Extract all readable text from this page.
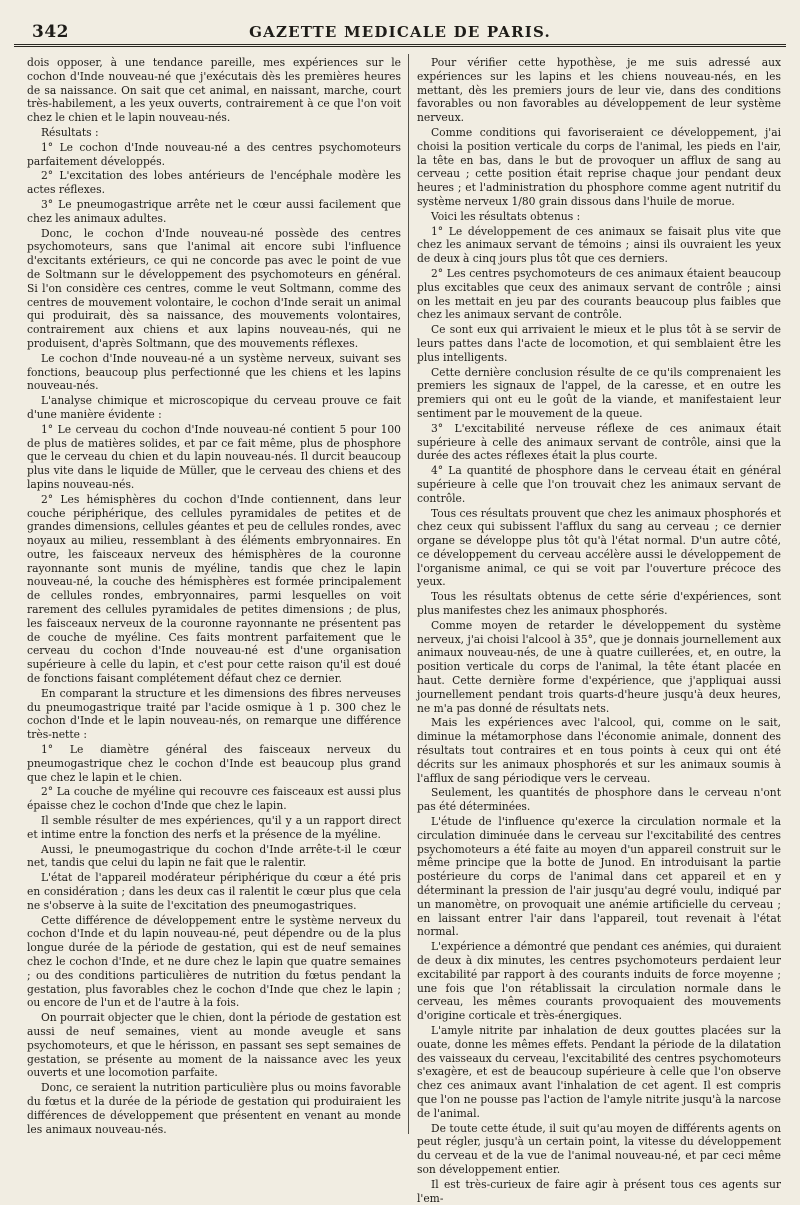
342	GAZETTE MEDICALE DE PARIS.

dois opposer, à une tendance pareille, mes expériences sur le cochon d'Inde nouveau-né que j'exécutais dès les premières heures de sa naissance. On sait que cet animal, en naissant, marche, court très-habilement, a les yeux ouverts, contrairement à ce que l'on voit chez le chien et le lapin nouveau-nés.

Résultats :

1° Le cochon d'Inde nouveau-né a des centres psychomoteurs parfaitement développés.

2° L'excitation des lobes antérieurs de l'encéphale modère les actes réflexes.

3° Le pneumogastrique arrête net le cœur aussi facilement que chez les animaux adultes.

Donc, le cochon d'Inde nouveau-né possède des centres psychomoteurs, sans que l'animal ait encore subi l'influence d'excitants extérieurs, ce qui ne concorde pas avec le point de vue de Soltmann sur le développement des psychomoteurs en général. Si l'on considère ces centres, comme le veut Soltmann, comme des centres de mouvement volontaire, le cochon d'Inde serait un animal qui produirait, dès sa naissance, des mouvements volontaires, contrairement aux chiens et aux lapins nouveau-nés, qui ne produisent, d'après Soltmann, que des mouvements réflexes.

Le cochon d'Inde nouveau-né a un système nerveux, suivant ses fonctions, beaucoup plus perfectionné que les chiens et les lapins nouveau-nés.

L'analyse chimique et microscopique du cerveau prouve ce fait d'une manière évidente :

1° Le cerveau du cochon d'Inde nouveau-né contient 5 pour 100 de plus de matières solides, et par ce fait même, plus de phosphore que le cerveau du chien et du lapin nouveau-nés. Il durcit beaucoup plus vite dans le liquide de Müller, que le cerveau des chiens et des lapins nouveau-nés.

2° Les hémisphères du cochon d'Inde contiennent, dans leur couche périphérique, des cellules pyramidales de petites et de grandes dimensions, cellules géantes et peu de cellules rondes, avec noyaux au milieu, ressemblant à des éléments embryonnaires. En outre, les faisceaux nerveux des hémisphères de la couronne rayonnante sont munis de myéline, tandis que chez le lapin nouveau-né, la couche des hémisphères est formée principalement de cellules rondes, embryonnaires, parmi lesquelles on voit rarement des cellules pyramidales de petites dimensions ; de plus, les faisceaux nerveux de la couronne rayonnante ne présentent pas de couche de myéline. Ces faits montrent parfaitement que le cerveau du cochon d'Inde nouveau-né est d'une organisation supérieure à celle du lapin, et c'est pour cette raison qu'il est doué de fonctions faisant complétement défaut chez ce dernier.

En comparant la structure et les dimensions des fibres nerveuses du pneumogastrique traité par l'acide osmique à 1 p. 300 chez le cochon d'Inde et le lapin nouveau-nés, on remarque une différence très-nette :

1° Le diamètre général des faisceaux nerveux du pneumogastrique chez le cochon d'Inde est beaucoup plus grand que chez le lapin et le chien.

2° La couche de myéline qui recouvre ces faisceaux est aussi plus épaisse chez le cochon d'Inde que chez le lapin.

Il semble résulter de mes expériences, qu'il y a un rapport direct et intime entre la fonction des nerfs et la présence de la myéline.

Aussi, le pneumogastrique du cochon d'Inde arrête-t-il le cœur net, tandis que celui du lapin ne fait que le ralentir.

L'état de l'appareil modérateur périphérique du cœur a été pris en considération ; dans les deux cas il ralentit le cœur plus que cela ne s'observe à la suite de l'excitation des pneumogastriques.

Cette différence de développement entre le système nerveux du cochon d'Inde et du lapin nouveau-né, peut dépendre ou de la plus longue durée de la période de gestation, qui est de neuf semaines chez le cochon d'Inde, et ne dure chez le lapin que quatre semaines ; ou des conditions particulières de nutrition du fœtus pendant la gestation, plus favorables chez le cochon d'Inde que chez le lapin ; ou encore de l'un et de l'autre à la fois.

On pourrait objecter que le chien, dont la période de gestation est aussi de neuf semaines, vient au monde aveugle et sans psychomoteurs, et que le hérisson, en passant ses sept semaines de gestation, se présente au moment de la naissance avec les yeux ouverts et une locomotion parfaite.

Donc, ce seraient la nutrition particulière plus ou moins favorable du fœtus et la durée de la période de gestation qui produiraient les différences de développement que présentent en venant au monde les animaux nouveau-nés.

Pour vérifier cette hypothèse, je me suis adressé aux expériences sur les lapins et les chiens nouveau-nés, en les mettant, dès les premiers jours de leur vie, dans des conditions favorables ou non favorables au développement de leur système nerveux.

Comme conditions qui favoriseraient ce développement, j'ai choisi la position verticale du corps de l'animal, les pieds en l'air, la tête en bas, dans le but de provoquer un afflux de sang au cerveau ; cette position était reprise chaque jour pendant deux heures ; et l'administration du phosphore comme agent nutritif du système nerveux 1/80 grain dissous dans l'huile de morue.

Voici les résultats obtenus :

1° Le développement de ces animaux se faisait plus vite que chez les animaux servant de témoins ; ainsi ils ouvraient les yeux de deux à cinq jours plus tôt que ces derniers.

2° Les centres psychomoteurs de ces animaux étaient beaucoup plus excitables que ceux des animaux servant de contrôle ; ainsi on les mettait en jeu par des courants beaucoup plus faibles que chez les animaux servant de contrôle.

Ce sont eux qui arrivaient le mieux et le plus tôt à se servir de leurs pattes dans l'acte de locomotion, et qui semblaient être les plus intelligents.

Cette dernière conclusion résulte de ce qu'ils comprenaient les premiers les signaux de l'appel, de la caresse, et en outre les premiers qui ont eu le goût de la viande, et manifestaient leur sentiment par le mouvement de la queue.

3° L'excitabilité nerveuse réflexe de ces animaux était supérieure à celle des animaux servant de contrôle, ainsi que la durée des actes réflexes était la plus courte.

4° La quantité de phosphore dans le cerveau était en général supérieure à celle que l'on trouvait chez les animaux servant de contrôle.

Tous ces résultats prouvent que chez les animaux phosphorés et chez ceux qui subissent l'afflux du sang au cerveau ; ce dernier organe se développe plus tôt qu'à l'état normal. D'un autre côté, ce développement du cerveau accélère aussi le développement de l'organisme animal, ce qui se voit par l'ouverture précoce des yeux.

Tous les résultats obtenus de cette série d'expériences, sont plus manifestes chez les animaux phosphorés.

Comme moyen de retarder le développement du système nerveux, j'ai choisi l'alcool à 35°, que je donnais journellement aux animaux nouveau-nés, de une à quatre cuillerées, et, en outre, la position verticale du corps de l'animal, la tête étant placée en haut. Cette dernière forme d'expérience, que j'appliquai aussi journellement pendant trois quarts-d'heure jusqu'à deux heures, ne m'a pas donné de résultats nets.

Mais les expériences avec l'alcool, qui, comme on le sait, diminue la métamorphose dans l'économie animale, donnent des résultats tout contraires et en tous points à ceux qui ont été décrits sur les animaux phosphorés et sur les animaux soumis à l'afflux de sang périodique vers le cerveau.

Seulement, les quantités de phosphore dans le cerveau n'ont pas été déterminées.

L'étude de l'influence qu'exerce la circulation normale et la circulation diminuée dans le cerveau sur l'excitabilité des centres psychomoteurs a été faite au moyen d'un appareil construit sur le même principe que la botte de Junod. En introduisant la partie postérieure du corps de l'animal dans cet appareil et en y déterminant la pression de l'air jusqu'au degré voulu, indiqué par un manomètre, on provoquait une anémie artificielle du cerveau ; en laissant entrer l'air dans l'appareil, tout revenait à l'état normal.

L'expérience a démontré que pendant ces anémies, qui duraient de deux à dix minutes, les centres psychomoteurs perdaient leur excitabilité par rapport à des courants induits de force moyenne ; une fois que l'on rétablissait la circulation normale dans le cerveau, les mêmes courants provoquaient des mouvements d'origine corticale et très-énergiques.

L'amyle nitrite par inhalation de deux gouttes placées sur la ouate, donne les mêmes effets. Pendant la période de la dilatation des vaisseaux du cerveau, l'excitabilité des centres psychomoteurs s'exagère, et est de beaucoup supérieure à celle que l'on observe chez ces animaux avant l'inhalation de cet agent. Il est compris que l'on ne pousse pas l'action de l'amyle nitrite jusqu'à la narcose de l'animal.

De toute cette étude, il suit qu'au moyen de différents agents on peut régler, jusqu'à un certain point, la vitesse du développement du cerveau et de la vue de l'animal nouveau-né, et par ceci même son développement entier.

Il est très-curieux de faire agir à présent tous ces agents sur l'em-
